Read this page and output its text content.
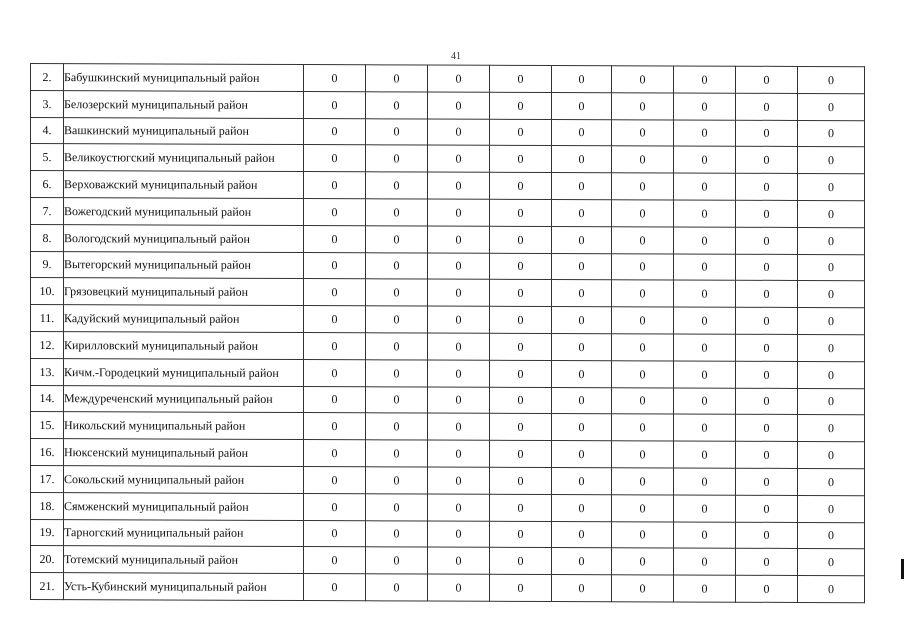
41
2.	Бабушкинский муниципальный район	0	0	0	0	0	0	0	0	0
3.	Белозерский муниципальный район	0	0	0	0	0	0	0	0	0
4.	Вашкинский муниципальный район	0	0	0	0	0	0	0	0	0
5.	Великоустюгский муниципальный район	0	0	0	0	0	0	0	0	0
6.	Верховажский муниципальный район	0	0	0	0	0	0	0	0	0
7.	Вожегодский муниципальный район	0	0	0	0	0	0	0	0	0
8.	Вологодский муниципальный район	0	0	0	0	0	0	0	0	0
9.	Вытегорский муниципальный район	0	0	0	0	0	0	0	0	0
10.	Грязовецкий муниципальный район	0	0	0	0	0	0	0	0	0
11.	Кадуйский муниципальный район	0	0	0	0	0	0	0	0	0
12.	Кирилловский муниципальный район	0	0	0	0	0	0	0	0	0
13.	Кичм.-Городецкий муниципальный район	0	0	0	0	0	0	0	0	0
14.	Междуреченский муниципальный район	0	0	0	0	0	0	0	0	0
15.	Никольский муниципальный район	0	0	0	0	0	0	0	0	0
16.	Нюксенский муниципальный район	0	0	0	0	0	0	0	0	0
17.	Сокольский муниципальный район	0	0	0	0	0	0	0	0	0
18.	Сямженский муниципальный район	0	0	0	0	0	0	0	0	0
19.	Тарногский муниципальный район	0	0	0	0	0	0	0	0	0
20.	Тотемский муниципальный район	0	0	0	0	0	0	0	0	0
21.	Усть-Кубинский муниципальный район	0	0	0	0	0	0	0	0	0
